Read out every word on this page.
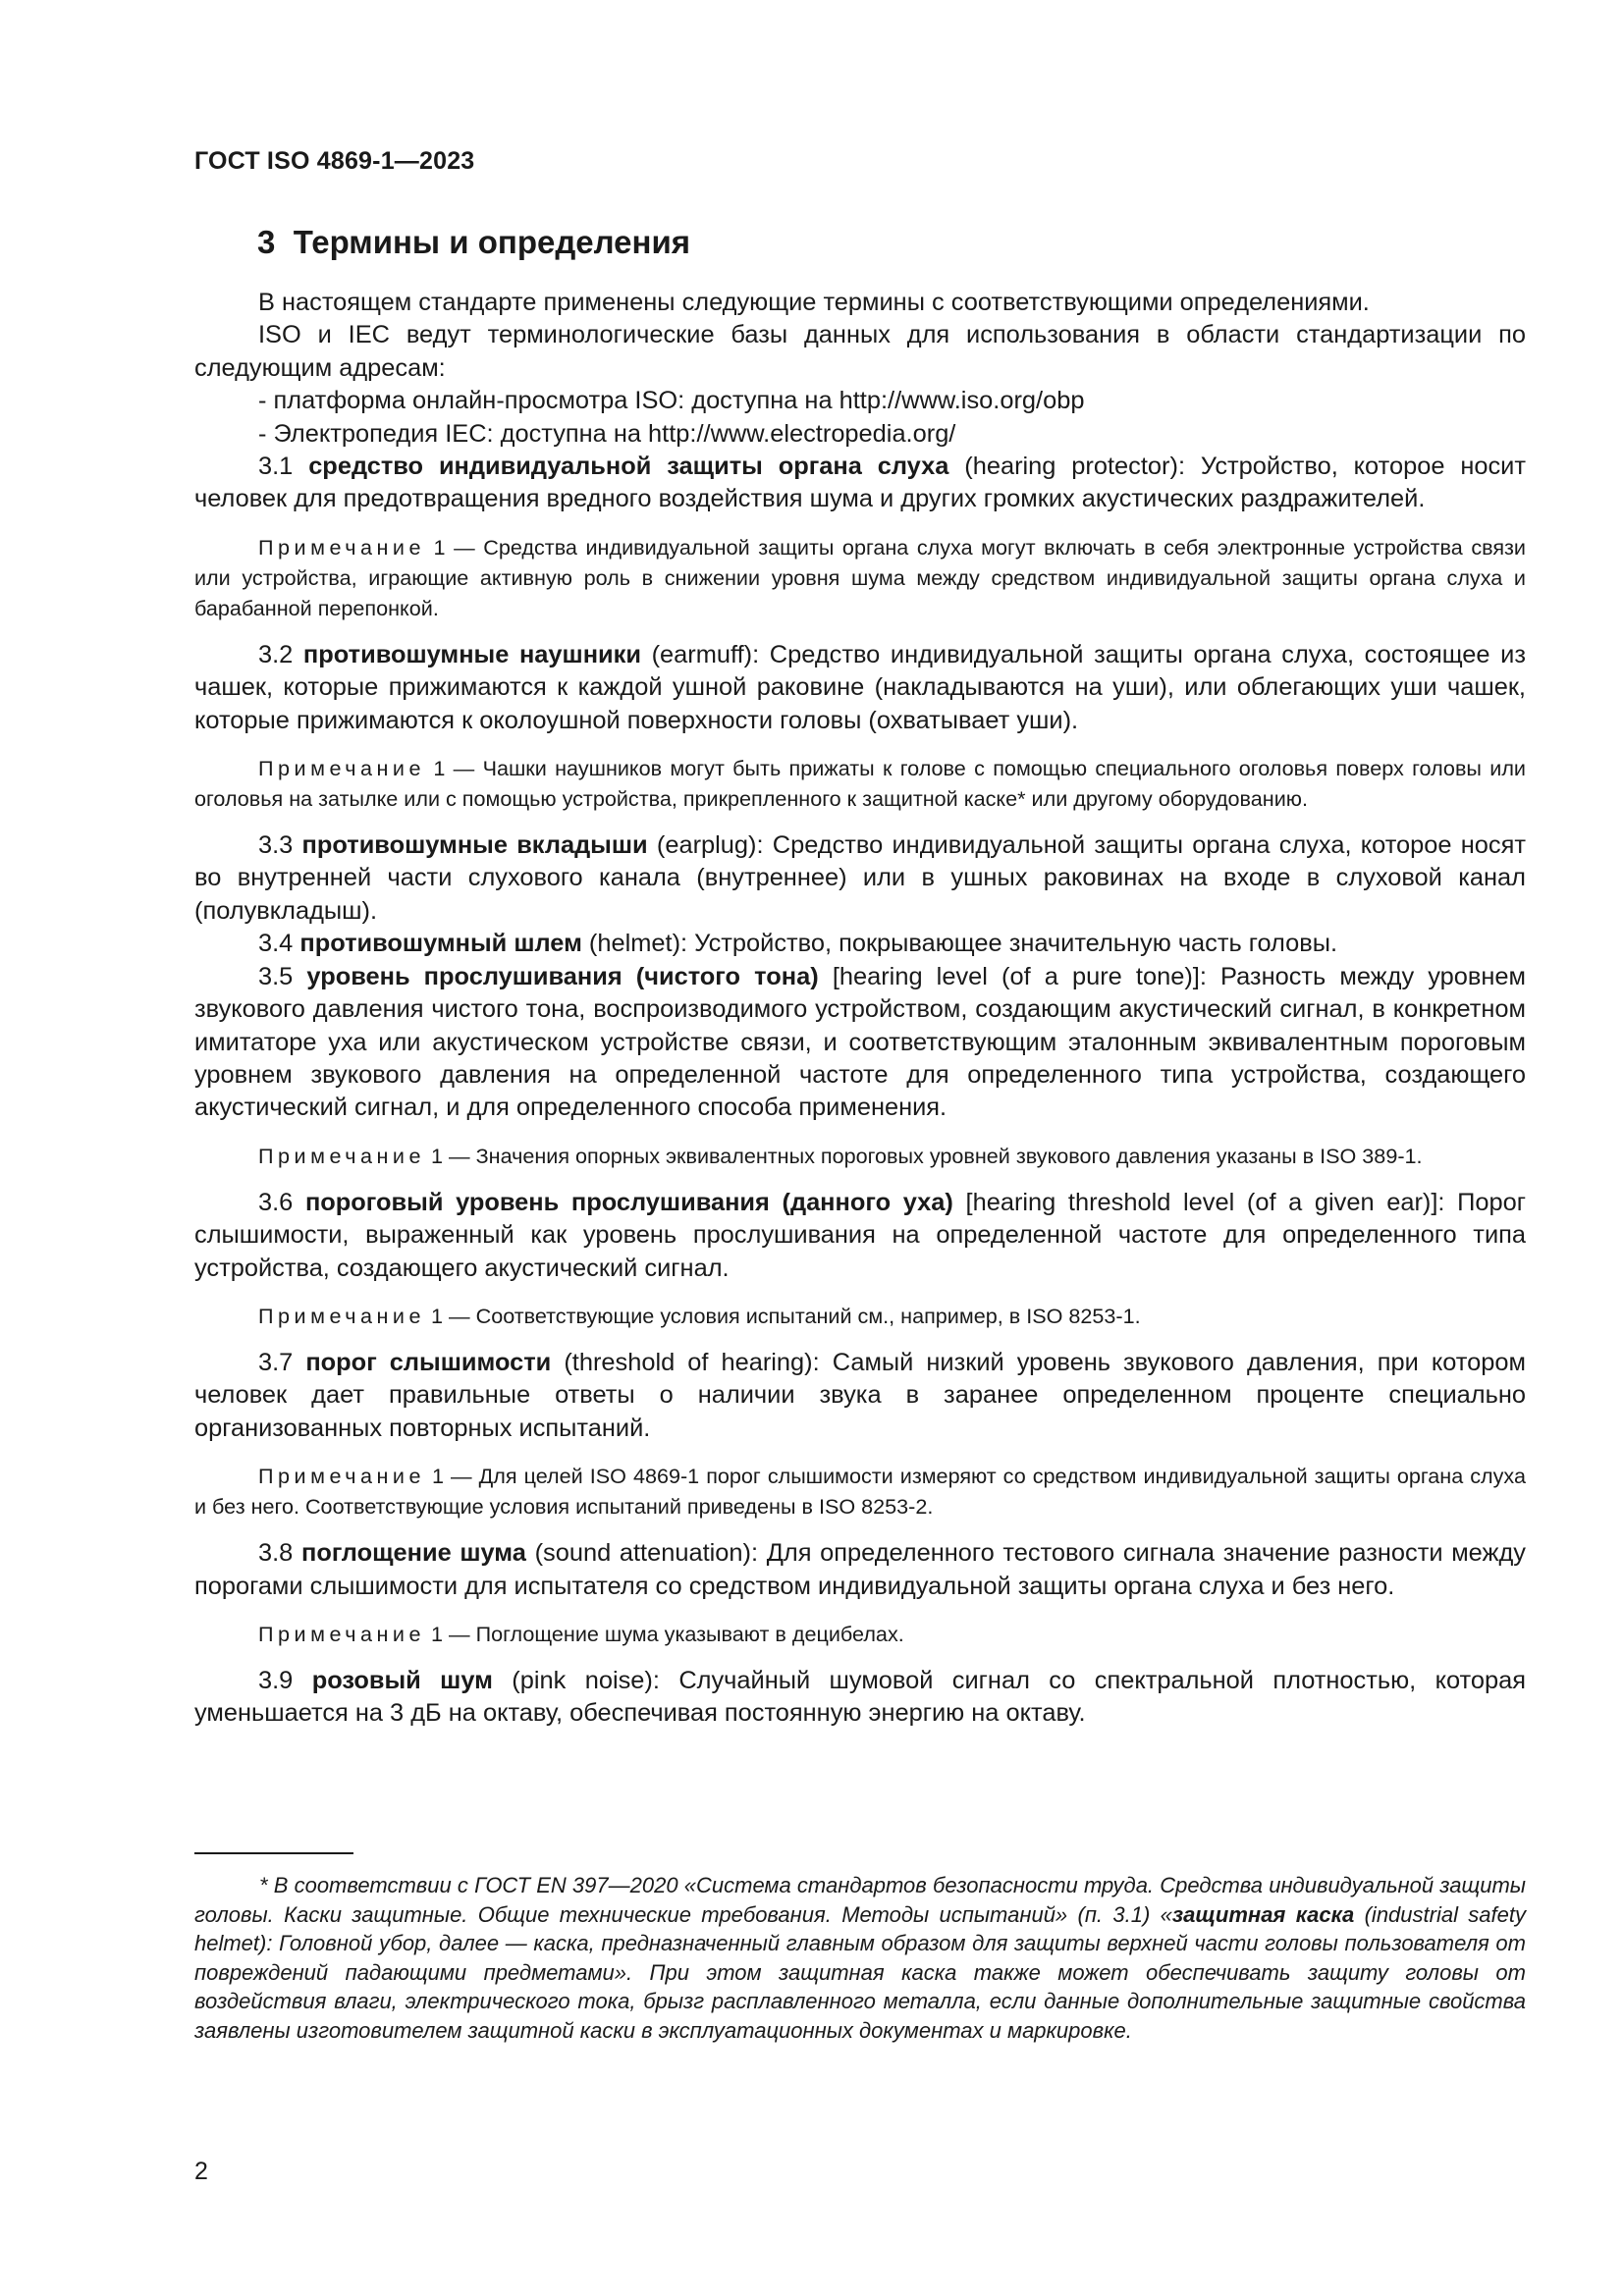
ГОСТ ISO 4869-1—2023
3 Термины и определения

В настоящем стандарте применены следующие термины с соответствующими определениями.

ISO и IEC ведут терминологические базы данных для использования в области стандартизации по следующим адресам:

- платформа онлайн-просмотра ISO: доступна на http://www.iso.org/obp

- Электропедия IEC: доступна на http://www.electropedia.org/

3.1 средство индивидуальной защиты органа слуха (hearing protector): Устройство, которое носит человек для предотвращения вредного воздействия шума и других громких акустических раздражителей.

Примечание 1 — Средства индивидуальной защиты органа слуха могут включать в себя электронные устройства связи или устройства, играющие активную роль в снижении уровня шума между средством индивидуальной защиты органа слуха и барабанной перепонкой.

3.2 противошумные наушники (earmuff): Средство индивидуальной защиты органа слуха, состоящее из чашек, которые прижимаются к каждой ушной раковине (накладываются на уши), или облегающих уши чашек, которые прижимаются к околоушной поверхности головы (охватывает уши).

Примечание 1 — Чашки наушников могут быть прижаты к голове с помощью специального оголовья поверх головы или оголовья на затылке или с помощью устройства, прикрепленного к защитной каске* или другому оборудованию.

3.3 противошумные вкладыши (earplug): Средство индивидуальной защиты органа слуха, которое носят во внутренней части слухового канала (внутреннее) или в ушных раковинах на входе в слуховой канал (полувкладыш).

3.4 противошумный шлем (helmet): Устройство, покрывающее значительную часть головы.

3.5 уровень прослушивания (чистого тона) [hearing level (of a pure tone)]: Разность между уровнем звукового давления чистого тона, воспроизводимого устройством, создающим акустический сигнал, в конкретном имитаторе уха или акустическом устройстве связи, и соответствующим эталонным эквивалентным пороговым уровнем звукового давления на определенной частоте для определенного типа устройства, создающего акустический сигнал, и для определенного способа применения.

Примечание 1 — Значения опорных эквивалентных пороговых уровней звукового давления указаны в ISO 389-1.

3.6 пороговый уровень прослушивания (данного уха) [hearing threshold level (of a given ear)]: Порог слышимости, выраженный как уровень прослушивания на определенной частоте для определенного типа устройства, создающего акустический сигнал.

Примечание 1 — Соответствующие условия испытаний см., например, в ISO 8253-1.

3.7 порог слышимости (threshold of hearing): Самый низкий уровень звукового давления, при котором человек дает правильные ответы о наличии звука в заранее определенном проценте специально организованных повторных испытаний.

Примечание 1 — Для целей ISO 4869-1 порог слышимости измеряют со средством индивидуальной защиты органа слуха и без него. Соответствующие условия испытаний приведены в ISO 8253-2.

3.8 поглощение шума (sound attenuation): Для определенного тестового сигнала значение разности между порогами слышимости для испытателя со средством индивидуальной защиты органа слуха и без него.

Примечание 1 — Поглощение шума указывают в децибелах.

3.9 розовый шум (pink noise): Случайный шумовой сигнал со спектральной плотностью, которая уменьшается на 3 дБ на октаву, обеспечивая постоянную энергию на октаву.

* В соответствии с ГОСТ EN 397—2020 «Система стандартов безопасности труда. Средства индивидуальной защиты головы. Каски защитные. Общие технические требования. Методы испытаний» (п. 3.1) «защитная каска (industrial safety helmet): Головной убор, далее — каска, предназначенный главным образом для защиты верхней части головы пользователя от повреждений падающими предметами». При этом защитная каска также может обеспечивать защиту головы от воздействия влаги, электрического тока, брызг расплавленного металла, если данные дополнительные защитные свойства заявлены изготовителем защитной каски в эксплуатационных документах и маркировке.

2
